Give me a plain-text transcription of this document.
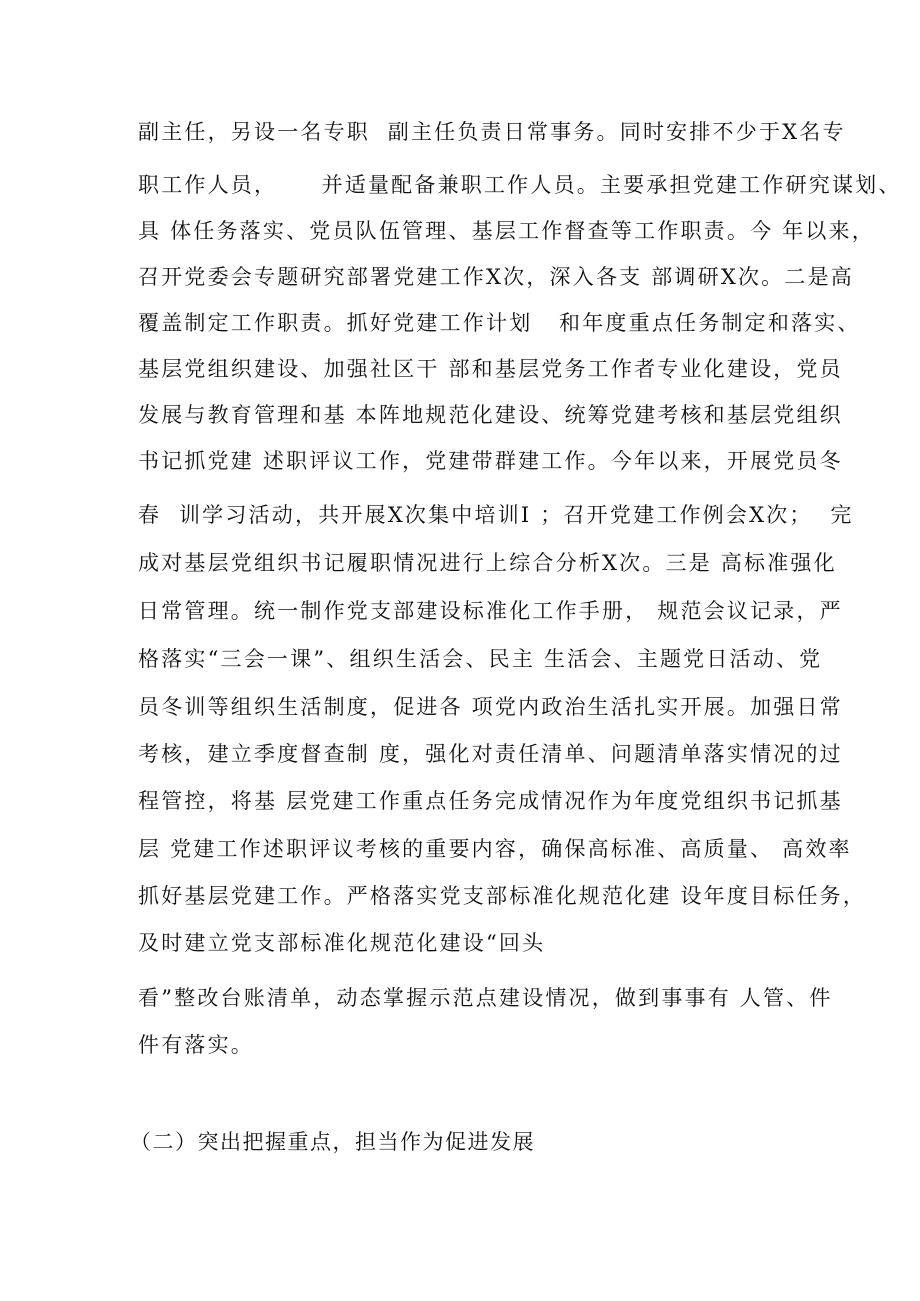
副主任，另设一名专职  副主任负责日常事务。同时安排不少于X名专
职工作人员，     并适量配备兼职工作人员。主要承担党建工作研究谋划、
具 体任务落实、党员队伍管理、基层工作督查等工作职责。今 年以来，
召开党委会专题研究部署党建工作X次，深入各支 部调研X次。二是高
覆盖制定工作职责。抓好党建工作计划   和年度重点任务制定和落实、
基层党组织建设、加强社区干 部和基层党务工作者专业化建设，党员
发展与教育管理和基 本阵地规范化建设、统筹党建考核和基层党组织
书记抓党建 述职评议工作，党建带群建工作。今年以来，开展党员冬
春  训学习活动，共开展X次集中培训I ；召开党建工作例会X次；  完
成对基层党组织书记履职情况进行上综合分析X次。三是 高标准强化
日常管理。统一制作党支部建设标准化工作手册， 规范会议记录，严
格落实“三会一课”、组织生活会、民主 生活会、主题党日活动、党
员冬训等组织生活制度，促进各 项党内政治生活扎实开展。加强日常
考核，建立季度督查制 度，强化对责任清单、问题清单落实情况的过
程管控，将基 层党建工作重点任务完成情况作为年度党组织书记抓基
层 党建工作述职评议考核的重要内容，确保高标准、高质量、 高效率
抓好基层党建工作。严格落实党支部标准化规范化建 设年度目标任务，
及时建立党支部标准化规范化建设“回头
看”整改台账清单，动态掌握示范点建设情况，做到事事有 人管、件
件有落实。
（二）突出把握重点，担当作为促进发展
